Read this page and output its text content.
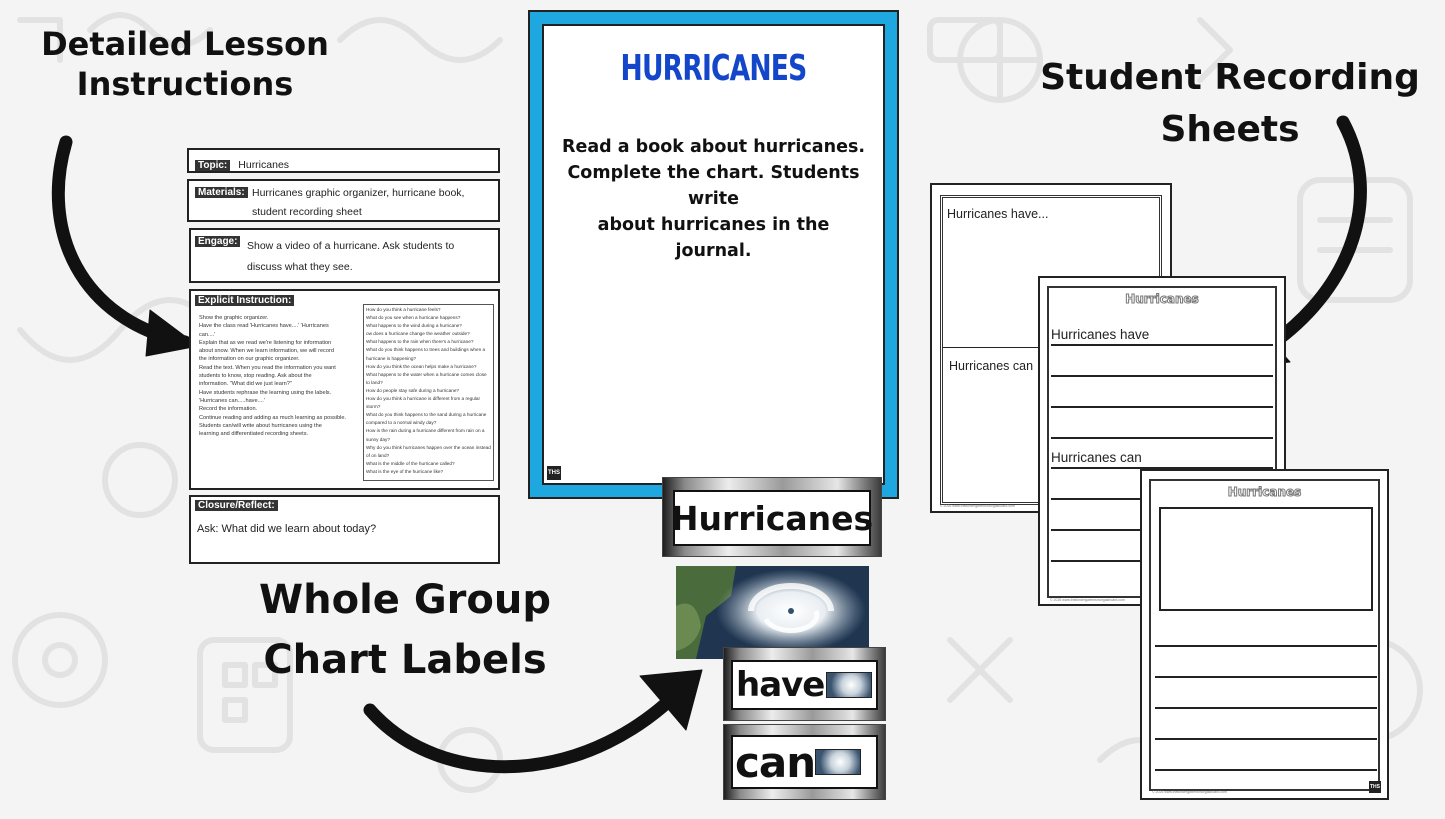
Detailed Lesson
Instructions	Student Recording
Sheets
Whole Group
Chart Labels
Topic: Hurricanes
Materials: Hurricanes graphic organizer, hurricane book,
student recording sheet
Engage: Show a video of a hurricane. Ask students to
discuss what they see.
Explicit Instruction:
Show the graphic organizer.
Have the class read 'Hurricanes have....' 'Hurricanes
can....'
Explain that as we read we're listening for information
about snow. When we learn information, we will record
the information on our graphic organizer.
Read the text. When you read the information you want
students to know, stop reading. Ask about the
information. "What did we just learn?"
Have students rephrase the learning using the labels.
'Hurricanes can.....have....'
Record the information.
Continue reading and adding as much learning as possible.
Students can/will write about hurricanes using the
learning and differentiated recording sheets.
How do you think a hurricane feels?
What do you see when a hurricane happens?
What happens to the wind during a hurricane?
ow does a hurricane change the weather outside?
What happens to the rain when there's a hurricane?
What do you think happens to trees and buildings when a
hurricane is happening?
How do you think the ocean helps make a hurricane?
What happens to the water when a hurricane comes close
to land?
How do people stay safe during a hurricane?
How do you think a hurricane is different from a regular
storm?
What do you think happens to the sand during a hurricane
compared to a normal windy day?
How is the rain during a hurricane different from rain on a
sunny day?
Why do you think hurricanes happen over the ocean instead
of on land?
What is the middle of the hurricane called?
What is the eye of the hurricane like?
Closure/Reflect:
Ask: What did we learn about today?
HURRICANES
Read a book about hurricanes.
Complete the chart. Students write
about hurricanes in the journal.
THS
Hurricanes
have
can
Hurricanes have...
Hurricanes can
© 2025 www.thekindergartensmorgasboard.com
Hurricanes
Hurricanes have
Hurricanes can
© 2025 www.thekindergartensmorgasboard.com
Hurricanes
THS
© 2025 www.thekindergartensmorgasboard.com
